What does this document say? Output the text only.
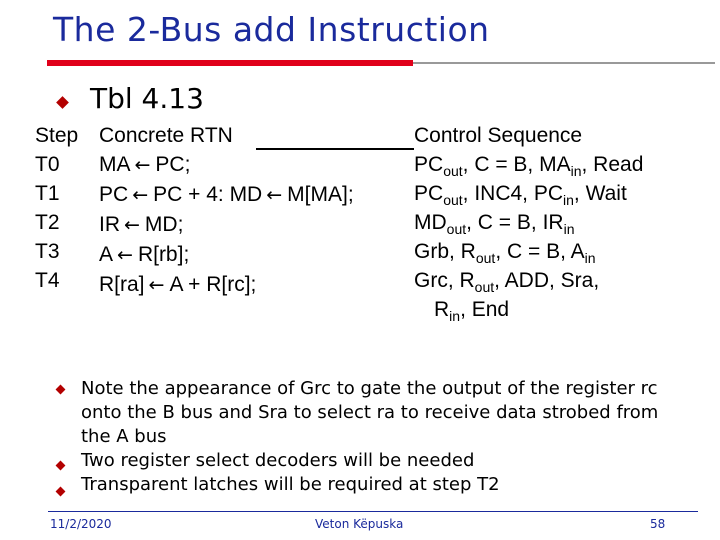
The 2-Bus add Instruction
Tbl 4.13
Step
T0
T1
T2
T3
T4
Concrete RTN
MA ← PC;
PC ← PC + 4: MD ← M[MA];
IR ← MD;
A ← R[rb];
R[ra] ← A + R[rc];
Control Sequence
$PC_{out}$, C = B, $MA_{in}$, Read
$PC_{out}$, INC4, $PC_{in}$, Wait
$MD_{out}$, C = B, $IR_{in}$
Grb, $R_{out}$, C = B, $A_{in}$
Grc, $R_{out}$, ADD, Sra,
$R_{in}$, End
Note the appearance of Grc to gate the output of the register rc onto the B bus and Sra to select ra to receive data strobed from the A bus
Two register select decoders will be needed
Transparent latches will be required at step T2
11/2/2020	Veton Këpuska	58
